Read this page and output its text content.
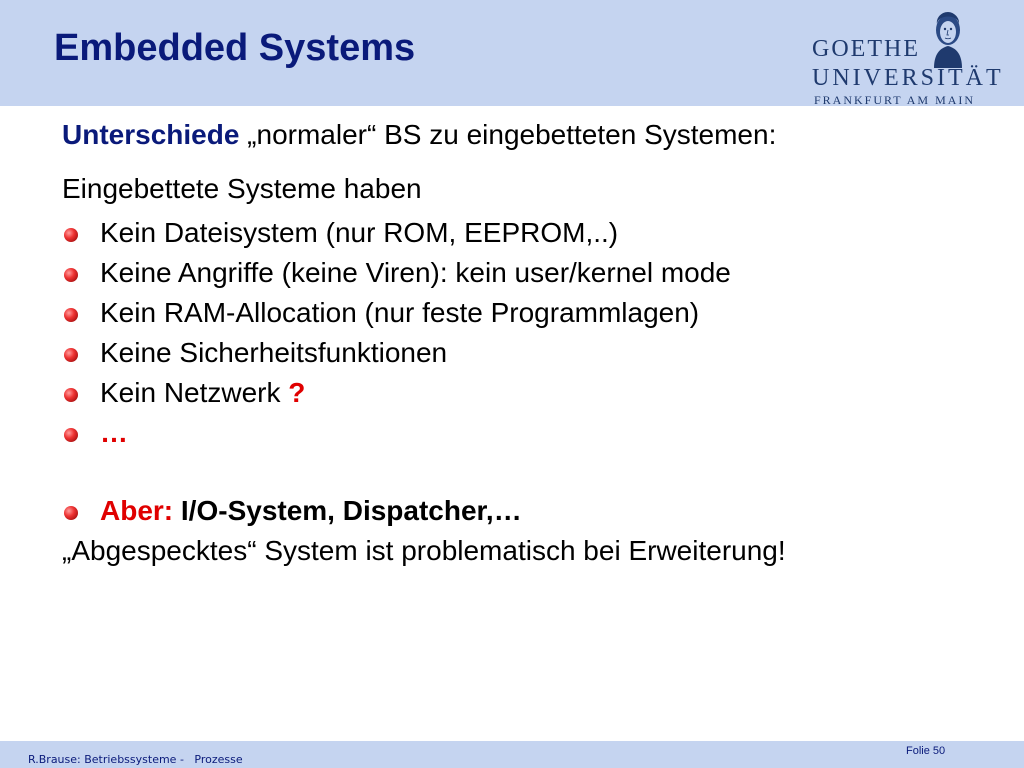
Embedded Systems	GOETHE
UNIVERSITÄT
FRANKFURT AM MAIN
Unterschiede „normaler“ BS zu eingebetteten Systemen:
Eingebettete Systeme haben
Kein Dateisystem (nur ROM, EEPROM,..)
Keine Angriffe (keine Viren): kein user/kernel mode
Kein RAM-Allocation (nur feste Programmlagen)
Keine Sicherheitsfunktionen
Kein Netzwerk ?
…
Aber: I/O-System, Dispatcher,…
„Abgespecktes“ System ist problematisch bei Erweiterung!
R.Brause: Betriebssysteme -   Prozesse
Folie 50
